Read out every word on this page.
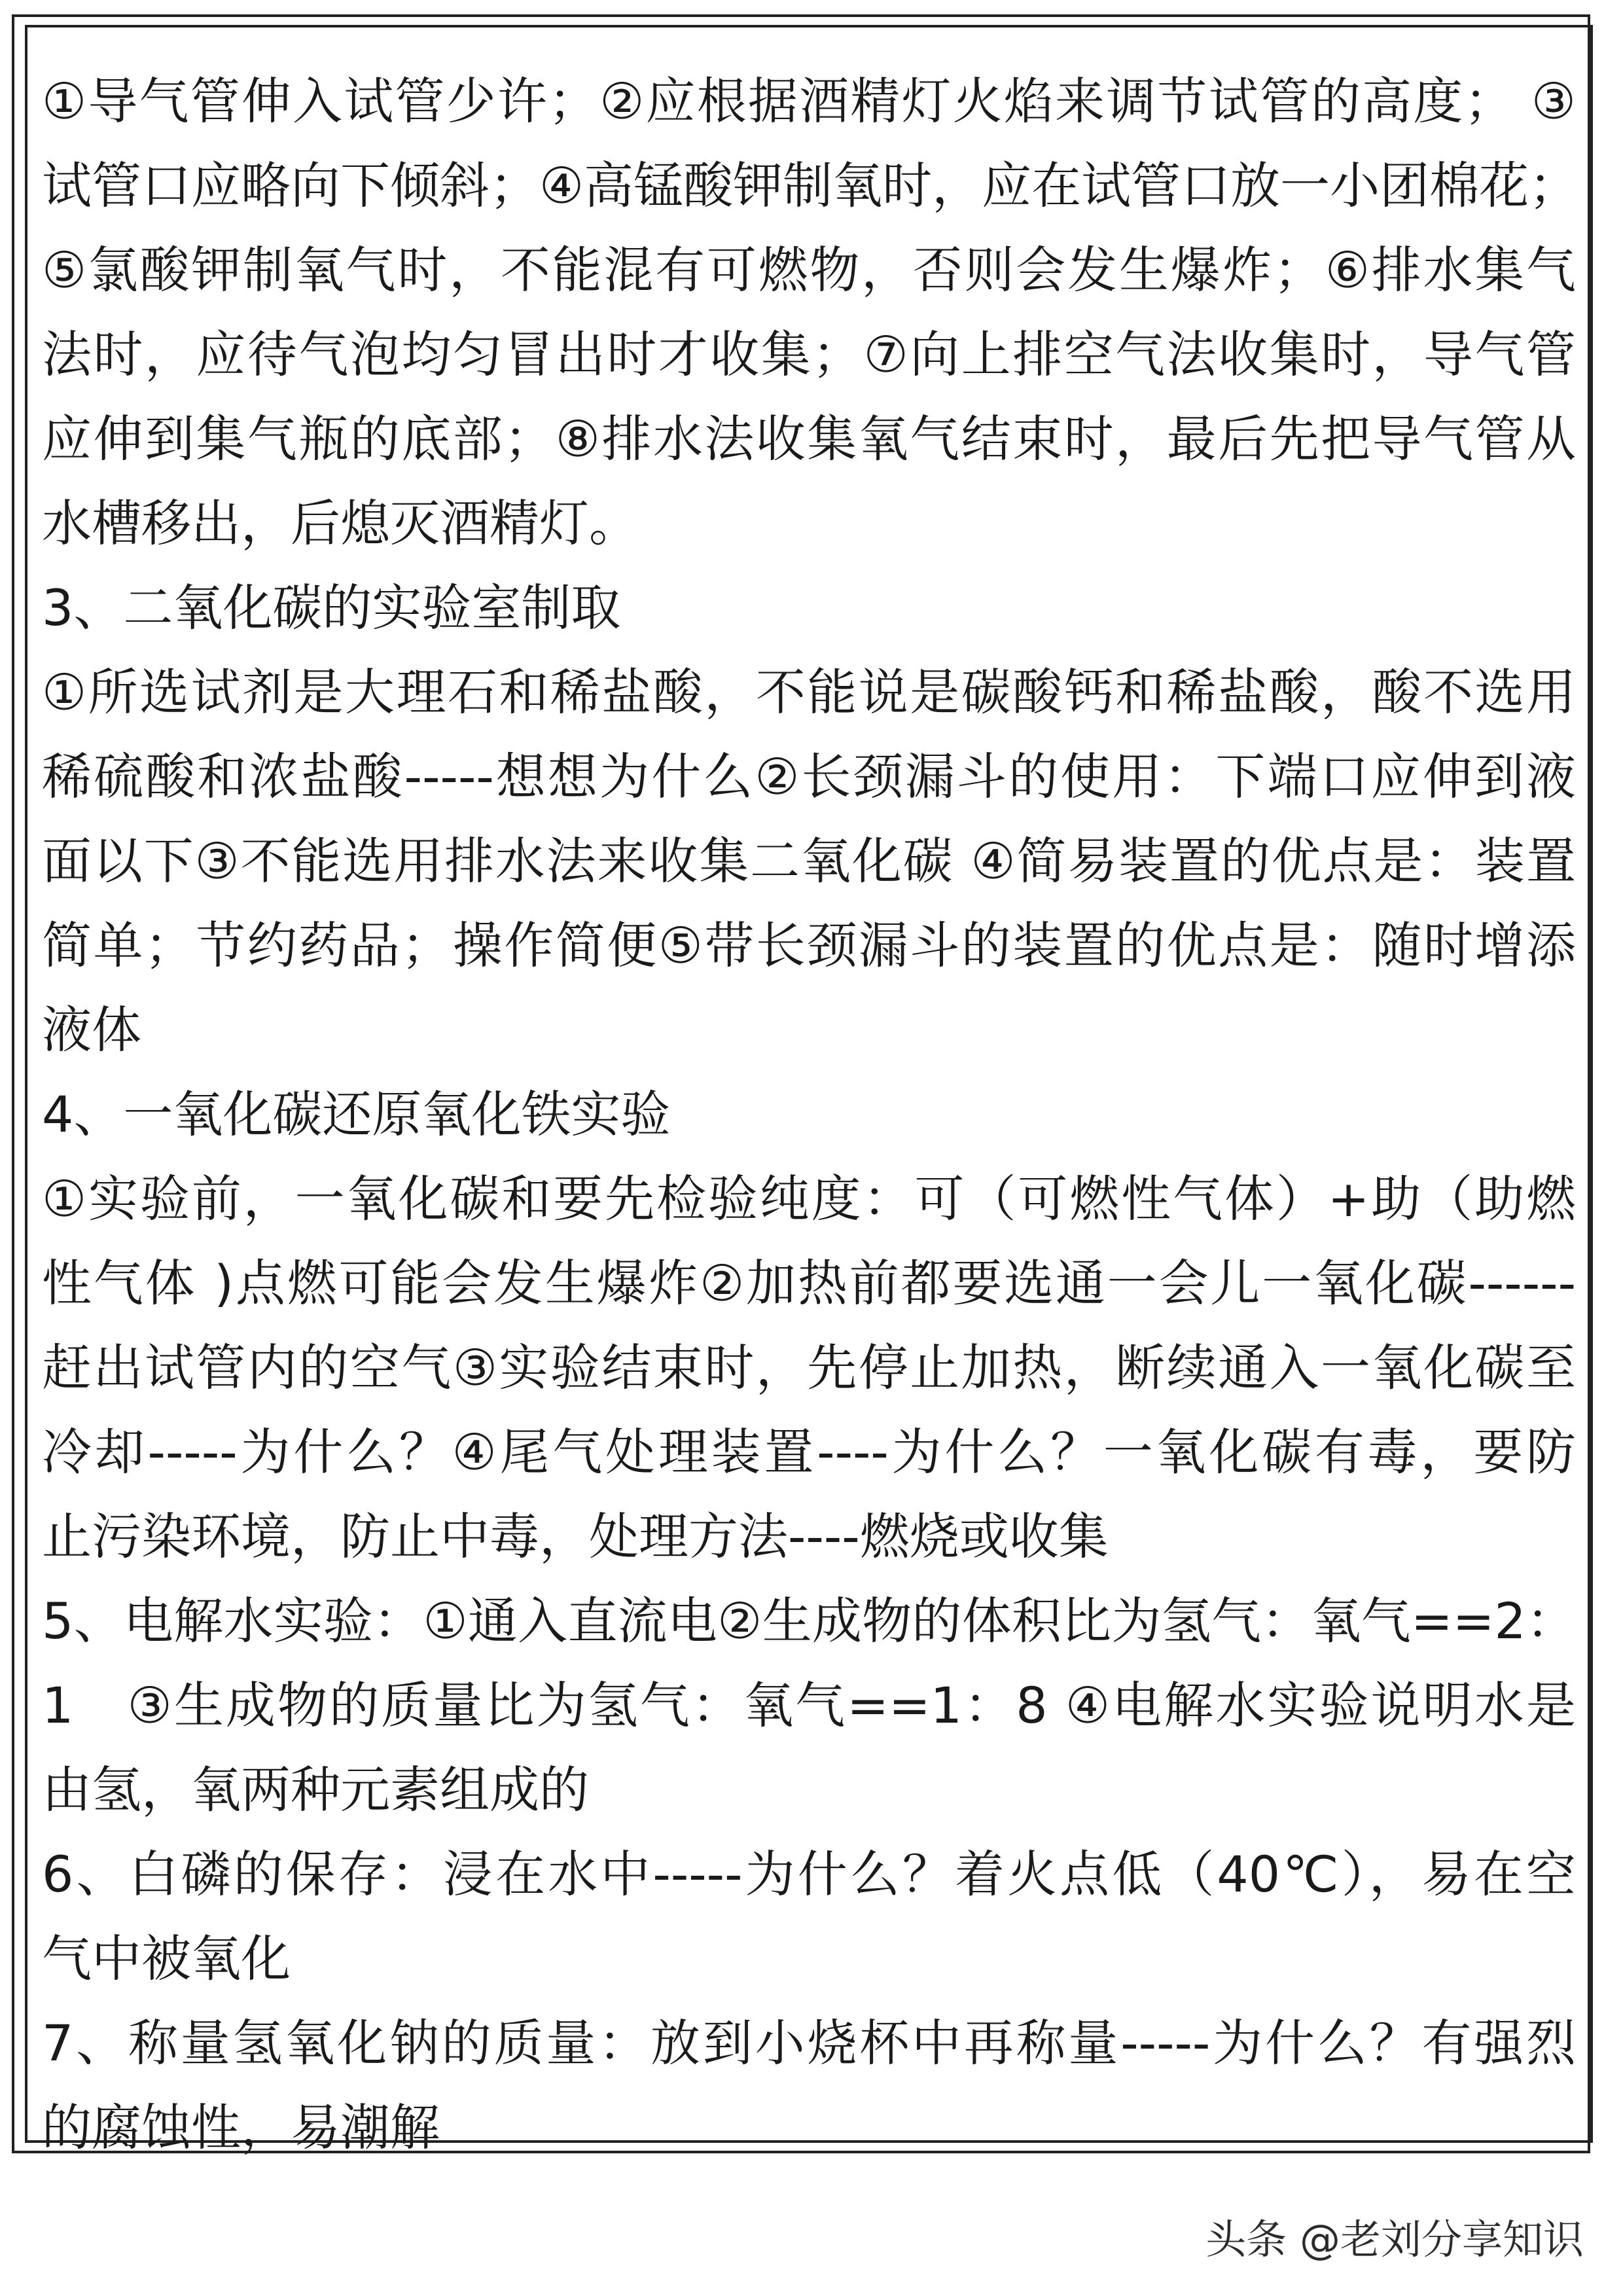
①导气管伸入试管少许；②应根据酒精灯火焰来调节试管的高度； ③
试管口应略向下倾斜；④高锰酸钾制氧时，应在试管口放一小团棉花；
⑤氯酸钾制氧气时，不能混有可燃物，否则会发生爆炸；⑥排水集气
法时，应待气泡均匀冒出时才收集；⑦向上排空气法收集时，导气管
应伸到集气瓶的底部；⑧排水法收集氧气结束时，最后先把导气管从
水槽移出，后熄灭酒精灯。
3、二氧化碳的实验室制取
①所选试剂是大理石和稀盐酸，不能说是碳酸钙和稀盐酸，酸不选用
稀硫酸和浓盐酸-----想想为什么②长颈漏斗的使用：下端口应伸到液
面以下③不能选用排水法来收集二氧化碳 ④简易装置的优点是：装置
简单；节约药品；操作简便⑤带长颈漏斗的装置的优点是：随时增添
液体
4、一氧化碳还原氧化铁实验
①实验前，一氧化碳和要先检验纯度：可（可燃性气体）+助（助燃
性气体 )点燃可能会发生爆炸②加热前都要选通一会儿一氧化碳------
赶出试管内的空气③实验结束时，先停止加热，断续通入一氧化碳至
冷却-----为什么？④尾气处理装置----为什么？一氧化碳有毒，要防
止污染环境，防止中毒，处理方法----燃烧或收集
5、电解水实验：①通入直流电②生成物的体积比为氢气：氧气==2：
1　③生成物的质量比为氢气：氧气==1：8 ④电解水实验说明水是
由氢，氧两种元素组成的
6、白磷的保存：浸在水中-----为什么？着火点低（40℃），易在空
气中被氧化
7、称量氢氧化钠的质量：放到小烧杯中再称量-----为什么？有强烈
的腐蚀性，易潮解
头条 @老刘分享知识
